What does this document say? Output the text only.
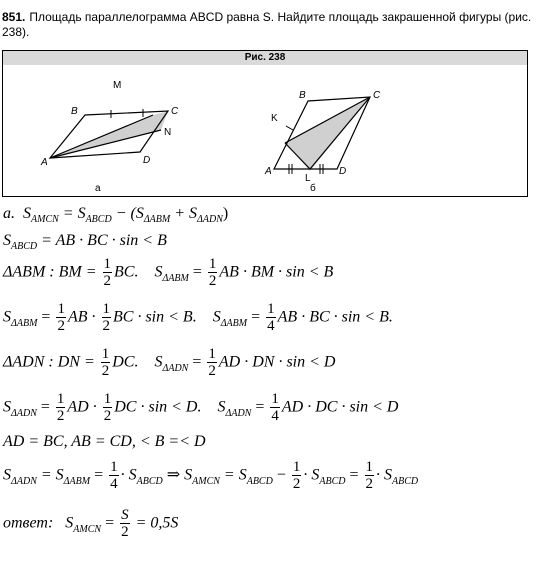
851. Площадь параллелограмма ABCD равна S. Найдите площадь закрашенной фигуры (рис. 238).
Рис. 238
M
B	C
N
A	D
а
B	C
K
A	D
L
б
a. $S_{AMCN} = S_{ABCD} - (S_{\Delta ABM} + S_{\Delta ADN})$
$S_{ABCD}$ = AB · BC · sin < B
ΔABM : BM = $\frac{1}{2}$ BC. $S_{\Delta ABM} = \frac{1}{2}$ AB · BM · sin < B
$S_{\Delta ABM} = \frac{1}{2}$ AB · $\frac{1}{2}$ BC · sin < B. $S_{\Delta ABM} = \frac{1}{4}$ AB · BC · sin < B.
ΔADN : DN = $\frac{1}{2}$ DC. $S_{\Delta ADN} = \frac{1}{2}$ AD · DN · sin < D
$S_{\Delta ADN} = \frac{1}{2}$ AD · $\frac{1}{2}$ DC · sin < D. $S_{\Delta ADN} = \frac{1}{4}$ AD · DC · sin < D
AD = BC, AB = CD, < B =< D
$S_{\Delta ADN} = S_{\Delta ABM} = \frac{1}{4} \cdot S_{ABCD}$ ⇒ $S_{AMCN} = S_{ABCD} - \frac{1}{2} \cdot S_{ABCD} = \frac{1}{2} \cdot S_{ABCD}$
ответ: $S_{AMCN} = \frac{S}{2} = 0,5S$
